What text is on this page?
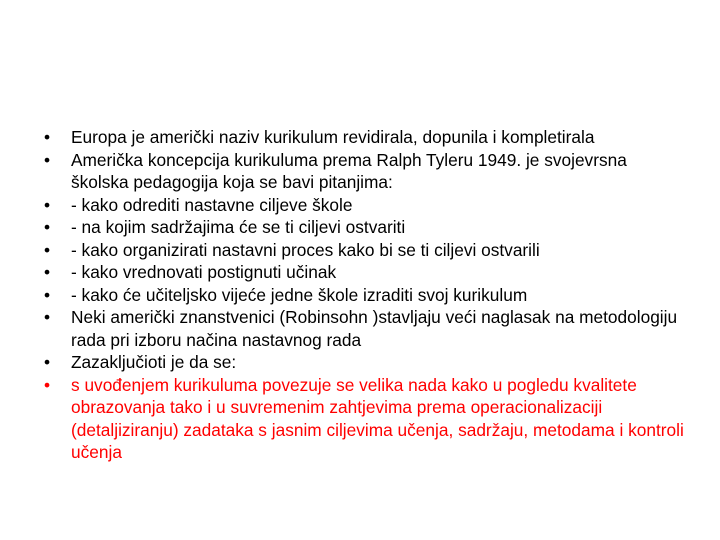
•	Europa je američki naziv kurikulum revidirala, dopunila i kompletirala
•	Američka koncepcija kurikuluma prema Ralph Tyleru 1949. je svojevrsna školska pedagogija koja se bavi pitanjima:
•	- kako odrediti nastavne ciljeve škole
•	- na kojim sadržajima će se ti ciljevi ostvariti
•	- kako organizirati nastavni proces kako bi se ti ciljevi ostvarili
•	- kako vrednovati postignuti učinak
•	- kako će učiteljsko vijeće jedne škole izraditi svoj kurikulum
•	Neki američki znanstvenici (Robinsohn )stavljaju veći naglasak na metodologiju rada pri izboru načina nastavnog rada
•	Zazaključioti je da se:
•	s uvođenjem kurikuluma povezuje se velika nada kako u pogledu kvalitete obrazovanja tako i u suvremenim zahtjevima prema operacionalizaciji (detaljiziranju) zadataka s jasnim ciljevima učenja, sadržaju, metodama i kontroli učenja
